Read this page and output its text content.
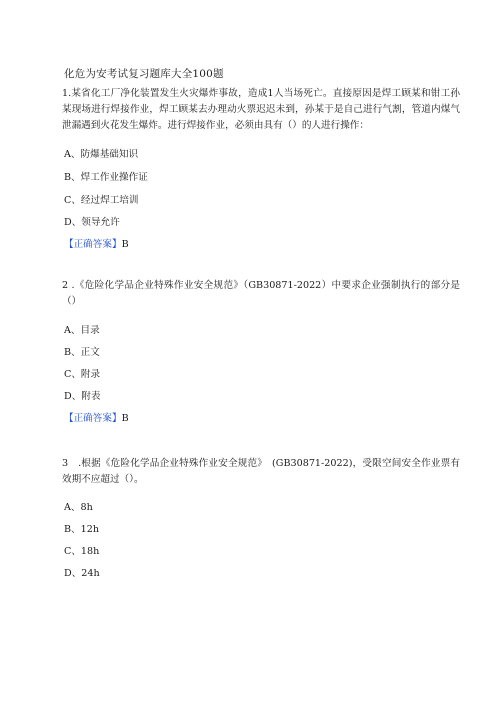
化危为安考试复习题库大全100题
1.某省化工厂净化装置发生火灾爆炸事故，造成1人当场死亡。直接原因是焊工顾某和钳工孙某现场进行焊接作业，焊工顾某去办理动火票迟迟未到，孙某于是自己进行气割，管道内煤气泄漏遇到火花发生爆炸。进行焊接作业，必须由具有（）的人进行操作：
A、防爆基础知识
B、焊工作业操作证
C、经过焊工培训
D、领导允许
【正确答案】B
2 .《危险化学品企业特殊作业安全规范》（GB30871-2022）中要求企业强制执行的部分是（）
A、目录
B、正文
C、附录
D、附表
【正确答案】B
3　.根据《危险化学品企业特殊作业安全规范》　(GB30871-2022)，受限空间安全作业票有效期不应超过（）。
A、8h
B、12h
C、18h
D、24h
